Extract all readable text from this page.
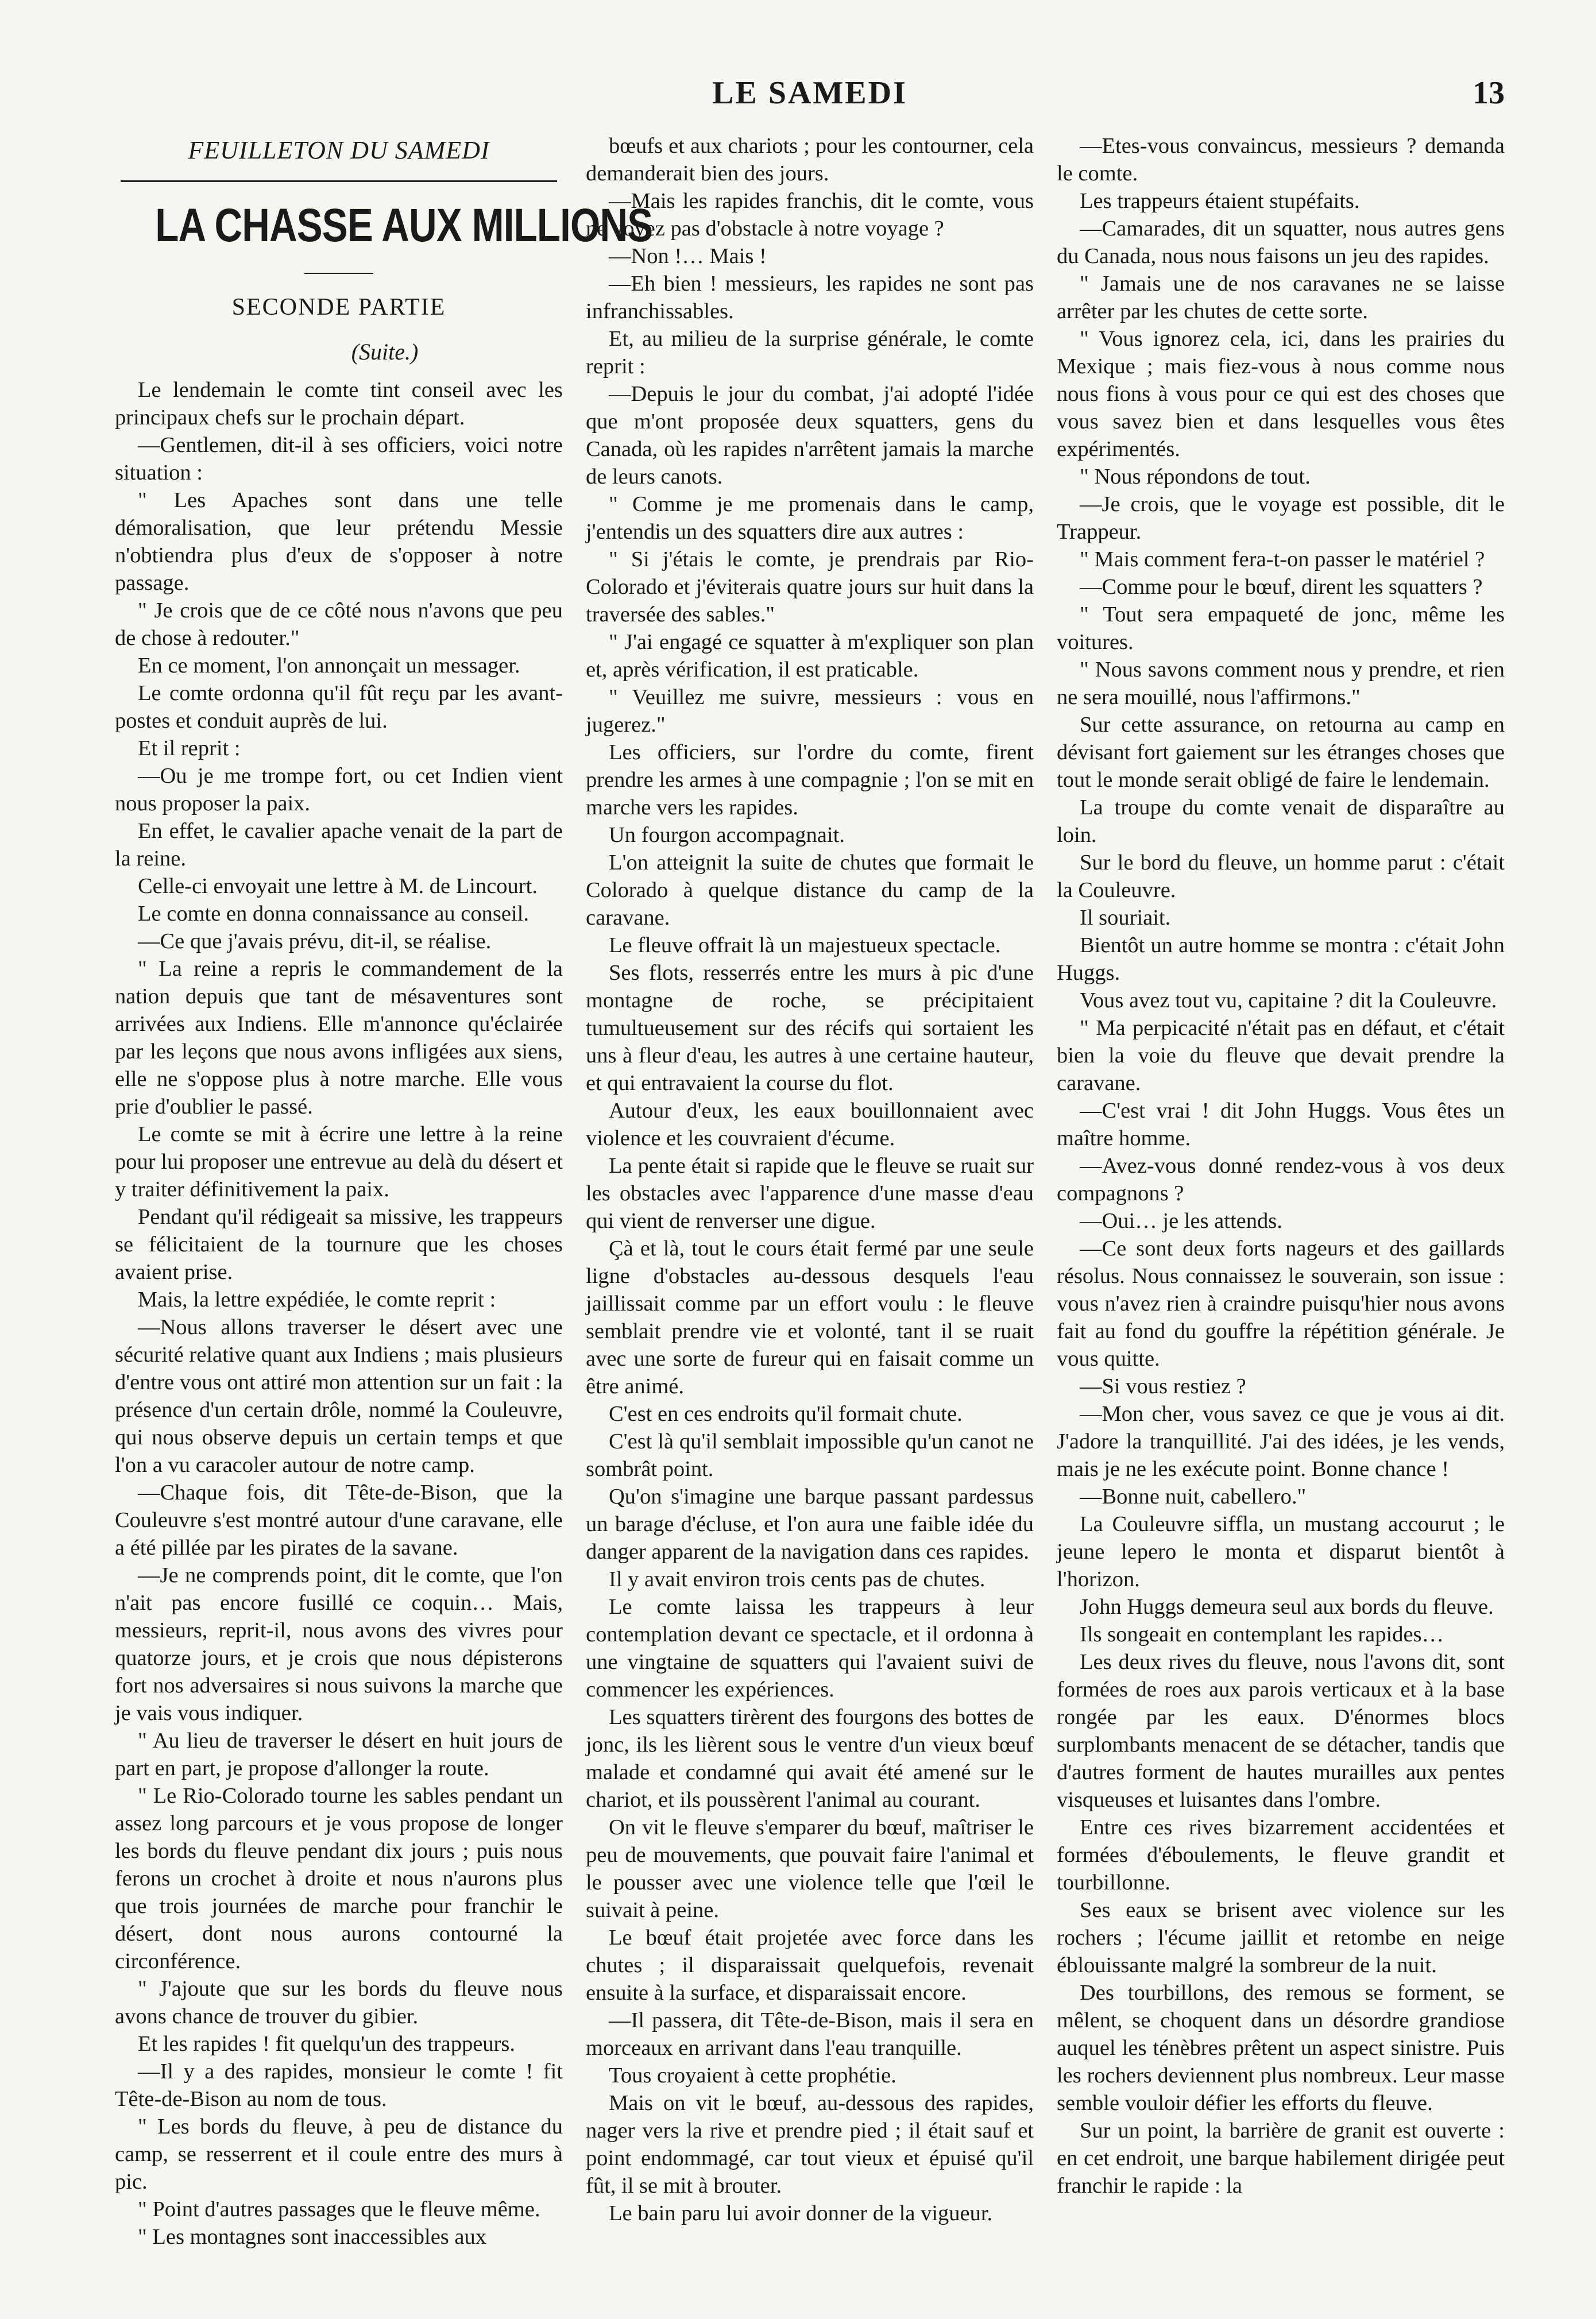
LE SAMEDI	13
FEUILLETON DU SAMEDI
LA CHASSE AUX MILLIONS
SECONDE PARTIE
(Suite.)

Le lendemain le comte tint conseil avec les principaux chefs sur le prochain départ.

—Gentlemen, dit-il à ses officiers, voici notre situation :

" Les Apaches sont dans une telle démoralisation, que leur prétendu Messie n'obtiendra plus d'eux de s'opposer à notre passage.

" Je crois que de ce côté nous n'avons que peu de chose à redouter."

En ce moment, l'on annonçait un messager.

Le comte ordonna qu'il fût reçu par les avant-postes et conduit auprès de lui.

Et il reprit :

—Ou je me trompe fort, ou cet Indien vient nous proposer la paix.

En effet, le cavalier apache venait de la part de la reine.

Celle-ci envoyait une lettre à M. de Lincourt.

Le comte en donna connaissance au conseil.

—Ce que j'avais prévu, dit-il, se réalise.

" La reine a repris le commandement de la nation depuis que tant de mésaventures sont arrivées aux Indiens. Elle m'annonce qu'éclairée par les leçons que nous avons infligées aux siens, elle ne s'oppose plus à notre marche. Elle vous prie d'oublier le passé.

Le comte se mit à écrire une lettre à la reine pour lui proposer une entrevue au delà du désert et y traiter définitivement la paix.

Pendant qu'il rédigeait sa missive, les trappeurs se félicitaient de la tournure que les choses avaient prise.

Mais, la lettre expédiée, le comte reprit :

—Nous allons traverser le désert avec une sécurité relative quant aux Indiens ; mais plusieurs d'entre vous ont attiré mon attention sur un fait : la présence d'un certain drôle, nommé la Couleuvre, qui nous observe depuis un certain temps et que l'on a vu caracoler autour de notre camp.

—Chaque fois, dit Tête-de-Bison, que la Couleuvre s'est montré autour d'une caravane, elle a été pillée par les pirates de la savane.

—Je ne comprends point, dit le comte, que l'on n'ait pas encore fusillé ce coquin… Mais, messieurs, reprit-il, nous avons des vivres pour quatorze jours, et je crois que nous dépisterons fort nos adversaires si nous suivons la marche que je vais vous indiquer.

" Au lieu de traverser le désert en huit jours de part en part, je propose d'allonger la route.

" Le Rio-Colorado tourne les sables pendant un assez long parcours et je vous propose de longer les bords du fleuve pendant dix jours ; puis nous ferons un crochet à droite et nous n'aurons plus que trois journées de marche pour franchir le désert, dont nous aurons contourné la circonférence.

" J'ajoute que sur les bords du fleuve nous avons chance de trouver du gibier.

Et les rapides ! fit quelqu'un des trappeurs.

—Il y a des rapides, monsieur le comte ! fit Tête-de-Bison au nom de tous.

" Les bords du fleuve, à peu de distance du camp, se resserrent et il coule entre des murs à pic.

" Point d'autres passages que le fleuve même.

" Les montagnes sont inaccessibles aux

bœufs et aux chariots ; pour les contourner, cela demanderait bien des jours.

—Mais les rapides franchis, dit le comte, vous ne voyez pas d'obstacle à notre voyage ?

—Non !… Mais !

—Eh bien ! messieurs, les rapides ne sont pas infranchissables.

Et, au milieu de la surprise générale, le comte reprit :

—Depuis le jour du combat, j'ai adopté l'idée que m'ont proposée deux squatters, gens du Canada, où les rapides n'arrêtent jamais la marche de leurs canots.

" Comme je me promenais dans le camp, j'entendis un des squatters dire aux autres :

" Si j'étais le comte, je prendrais par Rio-Colorado et j'éviterais quatre jours sur huit dans la traversée des sables."

" J'ai engagé ce squatter à m'expliquer son plan et, après vérification, il est praticable.

" Veuillez me suivre, messieurs : vous en jugerez."

Les officiers, sur l'ordre du comte, firent prendre les armes à une compagnie ; l'on se mit en marche vers les rapides.

Un fourgon accompagnait.

L'on atteignit la suite de chutes que formait le Colorado à quelque distance du camp de la caravane.

Le fleuve offrait là un majestueux spectacle.

Ses flots, resserrés entre les murs à pic d'une montagne de roche, se précipitaient tumultueusement sur des récifs qui sortaient les uns à fleur d'eau, les autres à une certaine hauteur, et qui entravaient la course du flot.

Autour d'eux, les eaux bouillonnaient avec violence et les couvraient d'écume.

La pente était si rapide que le fleuve se ruait sur les obstacles avec l'apparence d'une masse d'eau qui vient de renverser une digue.

Çà et là, tout le cours était fermé par une seule ligne d'obstacles au-dessous desquels l'eau jaillissait comme par un effort voulu : le fleuve semblait prendre vie et volonté, tant il se ruait avec une sorte de fureur qui en faisait comme un être animé.

C'est en ces endroits qu'il formait chute.

C'est là qu'il semblait impossible qu'un canot ne sombrât point.

Qu'on s'imagine une barque passant pardessus un barage d'écluse, et l'on aura une faible idée du danger apparent de la navigation dans ces rapides.

Il y avait environ trois cents pas de chutes.

Le comte laissa les trappeurs à leur contemplation devant ce spectacle, et il ordonna à une vingtaine de squatters qui l'avaient suivi de commencer les expériences.

Les squatters tirèrent des fourgons des bottes de jonc, ils les lièrent sous le ventre d'un vieux bœuf malade et condamné qui avait été amené sur le chariot, et ils poussèrent l'animal au courant.

On vit le fleuve s'emparer du bœuf, maîtriser le peu de mouvements, que pouvait faire l'animal et le pousser avec une violence telle que l'œil le suivait à peine.

Le bœuf était projetée avec force dans les chutes ; il disparaissait quelquefois, revenait ensuite à la surface, et disparaissait encore.

—Il passera, dit Tête-de-Bison, mais il sera en morceaux en arrivant dans l'eau tranquille.

Tous croyaient à cette prophétie.

Mais on vit le bœuf, au-dessous des rapides, nager vers la rive et prendre pied ; il était sauf et point endommagé, car tout vieux et épuisé qu'il fût, il se mit à brouter.

Le bain paru lui avoir donner de la vigueur.

—Etes-vous convaincus, messieurs ? demanda le comte.

Les trappeurs étaient stupéfaits.

—Camarades, dit un squatter, nous autres gens du Canada, nous nous faisons un jeu des rapides.

" Jamais une de nos caravanes ne se laisse arrêter par les chutes de cette sorte.

" Vous ignorez cela, ici, dans les prairies du Mexique ; mais fiez-vous à nous comme nous nous fions à vous pour ce qui est des choses que vous savez bien et dans lesquelles vous êtes expérimentés.

" Nous répondons de tout.

—Je crois, que le voyage est possible, dit le Trappeur.

" Mais comment fera-t-on passer le matériel ?

—Comme pour le bœuf, dirent les squatters ?

" Tout sera empaqueté de jonc, même les voitures.

" Nous savons comment nous y prendre, et rien ne sera mouillé, nous l'affirmons."

Sur cette assurance, on retourna au camp en dévisant fort gaiement sur les étranges choses que tout le monde serait obligé de faire le lendemain.

La troupe du comte venait de disparaître au loin.

Sur le bord du fleuve, un homme parut : c'était la Couleuvre.

Il souriait.

Bientôt un autre homme se montra : c'était John Huggs.

Vous avez tout vu, capitaine ? dit la Couleuvre.

" Ma perpicacité n'était pas en défaut, et c'était bien la voie du fleuve que devait prendre la caravane.

—C'est vrai ! dit John Huggs. Vous êtes un maître homme.

—Avez-vous donné rendez-vous à vos deux compagnons ?

—Oui… je les attends.

—Ce sont deux forts nageurs et des gaillards résolus. Nous connaissez le souverain, son issue : vous n'avez rien à craindre puisqu'hier nous avons fait au fond du gouffre la répétition générale. Je vous quitte.

—Si vous restiez ?

—Mon cher, vous savez ce que je vous ai dit. J'adore la tranquillité. J'ai des idées, je les vends, mais je ne les exécute point. Bonne chance !

—Bonne nuit, cabellero."

La Couleuvre siffla, un mustang accourut ; le jeune lepero le monta et disparut bientôt à l'horizon.

John Huggs demeura seul aux bords du fleuve.

Ils songeait en contemplant les rapides…

Les deux rives du fleuve, nous l'avons dit, sont formées de roes aux parois verticaux et à la base rongée par les eaux. D'énormes blocs surplombants menacent de se détacher, tandis que d'autres forment de hautes murailles aux pentes visqueuses et luisantes dans l'ombre.

Entre ces rives bizarrement accidentées et formées d'éboulements, le fleuve grandit et tourbillonne.

Ses eaux se brisent avec violence sur les rochers ; l'écume jaillit et retombe en neige éblouissante malgré la sombreur de la nuit.

Des tourbillons, des remous se forment, se mêlent, se choquent dans un désordre grandiose auquel les ténèbres prêtent un aspect sinistre. Puis les rochers deviennent plus nombreux. Leur masse semble vouloir défier les efforts du fleuve.

Sur un point, la barrière de granit est ouverte : en cet endroit, une barque habilement dirigée peut franchir le rapide : la
